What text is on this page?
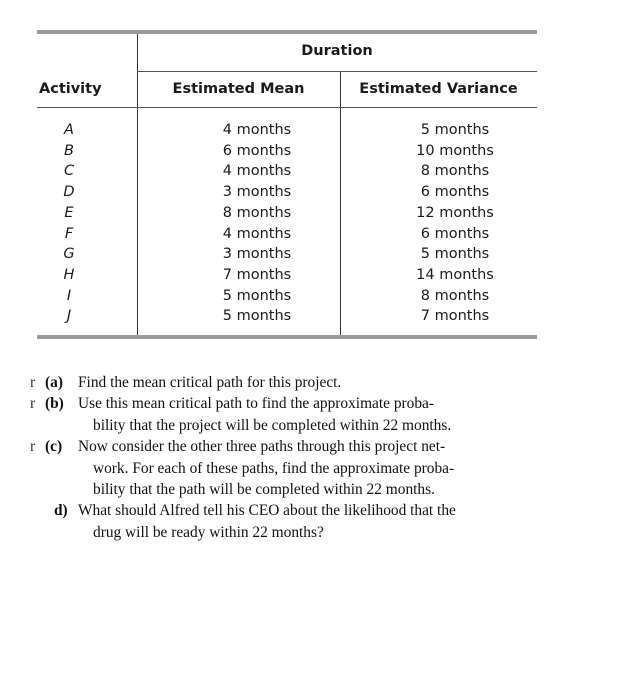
Duration
Activity	Estimated Mean	Estimated Variance
A
B
C
D
E
F
G
H
I
J
4 months
6 months
4 months
3 months
8 months
4 months
3 months
7 months
5 months
5 months
5 months
10 months
8 months
6 months
12 months
6 months
5 months
14 months
8 months
7 months
r (a) Find the mean critical path for this project.
r (b) Use this mean critical path to find the approximate proba-
bility that the project will be completed within 22 months.
r (c) Now consider the other three paths through this project net-
work. For each of these paths, find the approximate proba-
bility that the path will be completed within 22 months.
d) What should Alfred tell his CEO about the likelihood that the
drug will be ready within 22 months?
